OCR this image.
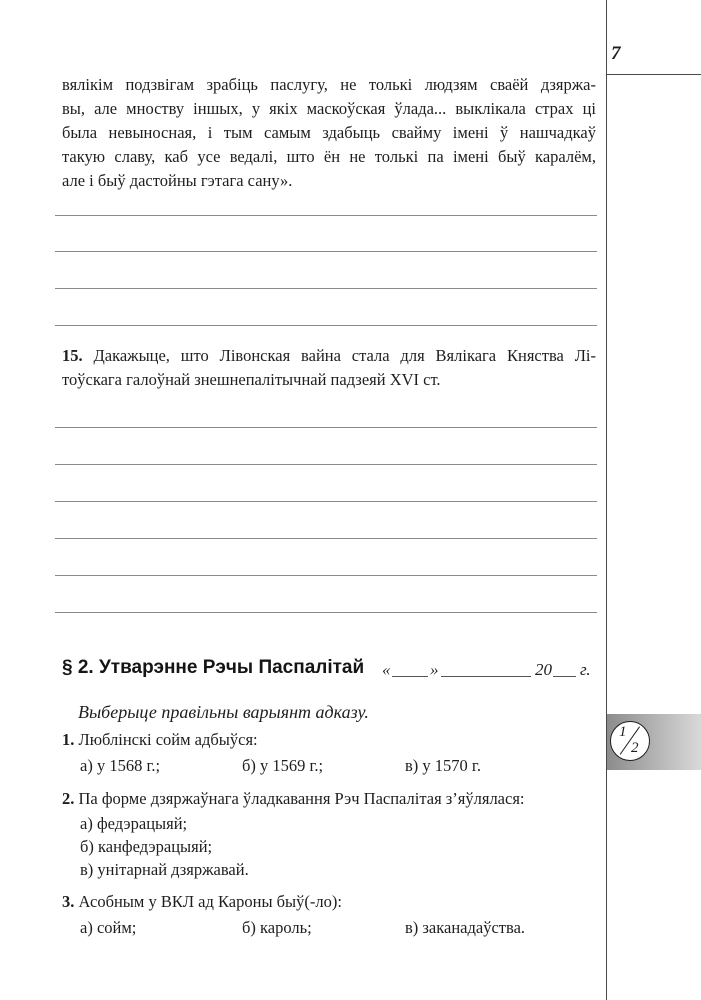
7
вялікім подзвігам зрабіць паслугу, не толькі людзям сваёй дзяржа-
вы, але мноству іншых, у якіх маскоўская ўлада... выклікала страх ці
была невыносная, і тым самым здабыць свайму імені ў нашчадкаў
такую славу, каб усе ведалі, што ён не толькі па імені быў каралём,
але і быў дастойны гэтага сану».
15. Дакажыце, што Лівонская вайна стала для Вялікага Княства Лі-
тоўскага галоўнай знешнепалітычнай падзеяй XVI ст.
§ 2. Утварэнне Рэчы Паспалітай « »	20 г.
1
2
Выберыце правільны варыянт адказу.
1. Люблінскі сойм адбыўся:
а) у 1568 г.;	б) у 1569 г.;	в) у 1570 г.
2. Па форме дзяржаўнага ўладкавання Рэч Паспалітая з’яўлялася:
а) федэрацыяй;
б) канфедэрацыяй;
в) унітарнай дзяржавай.
3. Асобным у ВКЛ ад Кароны быў(-ло):
а) сойм;	б) кароль;	в) заканадаўства.
